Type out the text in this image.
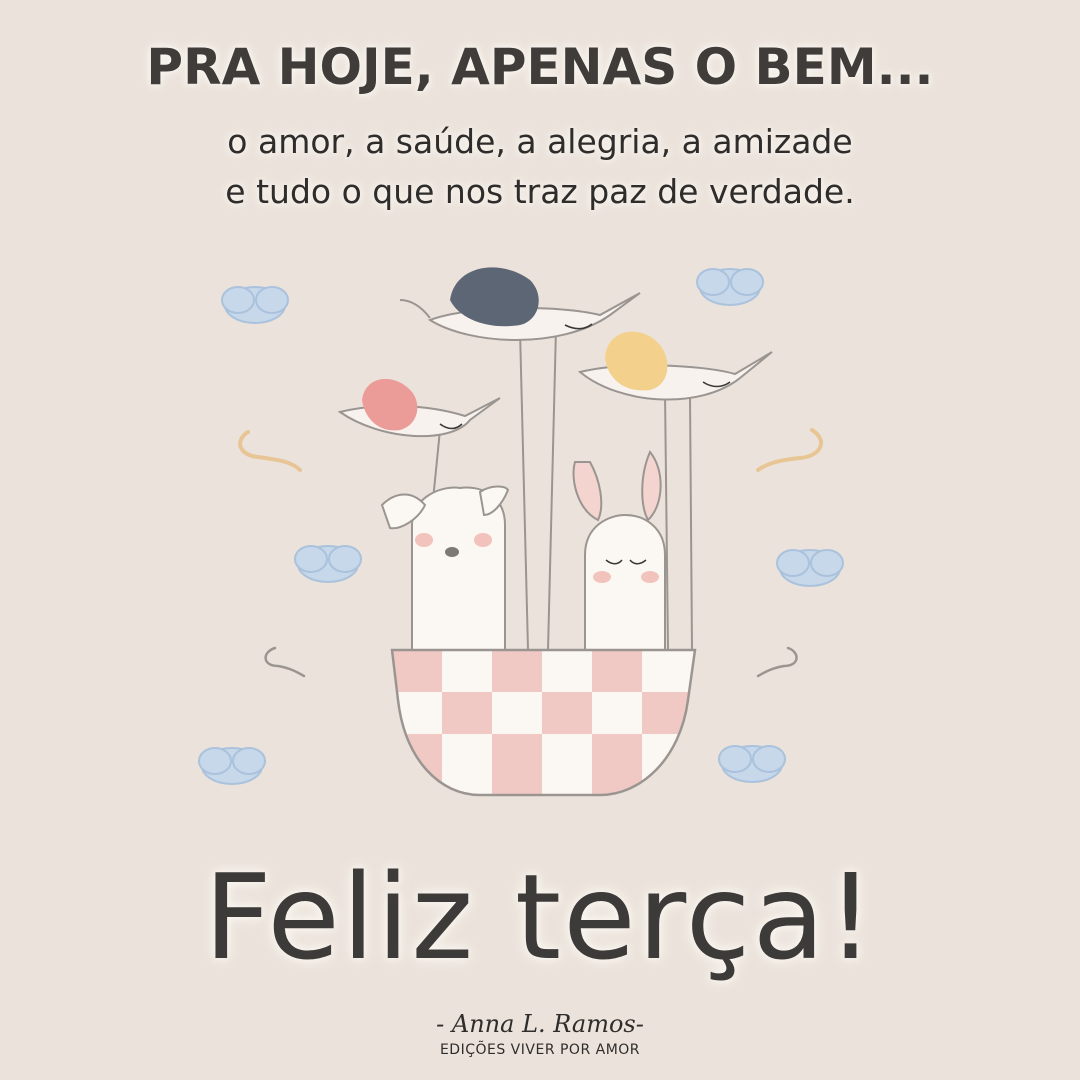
PRA HOJE, APENAS O BEM...
o amor, a saúde, a alegria, a amizade
e tudo o que nos traz paz de verdade.
Feliz terça!
- Anna L. Ramos-
EDIÇÕES VIVER POR AMOR
